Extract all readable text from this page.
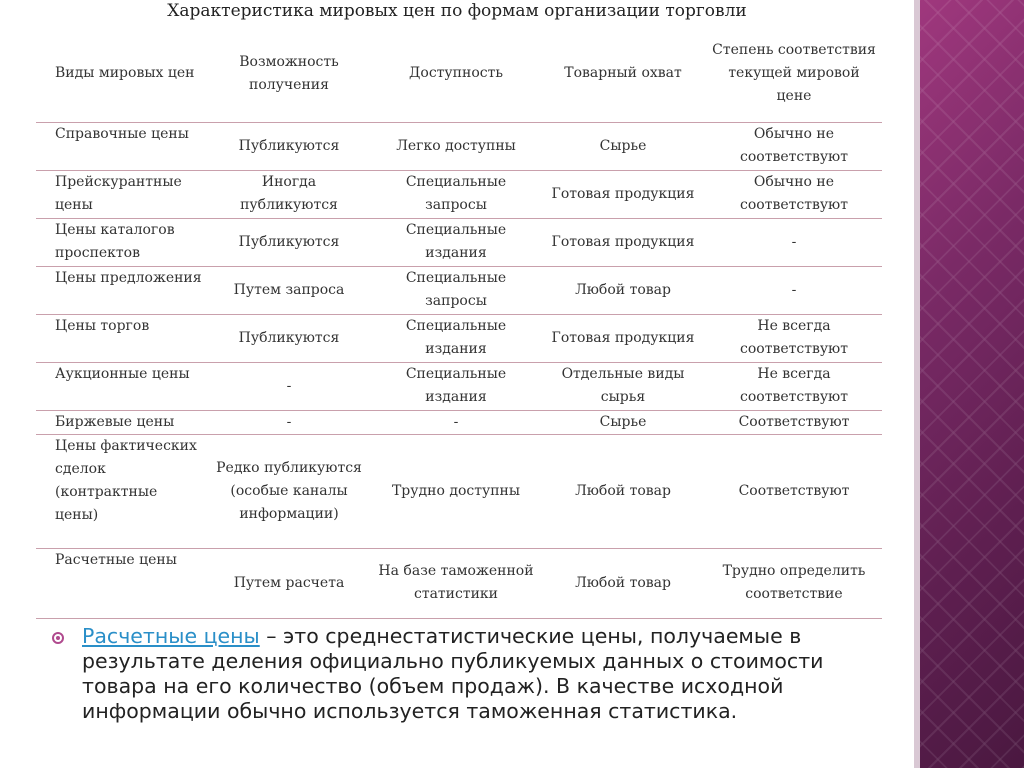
Характеристика мировых цен по формам организации торговли
Виды мировых цен	Возможность получения	Доступность	Товарный охват	Степень соответствия текущей мировой цене
Справочные цены	Публикуются	Легко доступны	Сырье	Обычно не соответствуют
Прейскурантные цены	Иногда публикуются	Специальные запросы	Готовая продукция	Обычно не соответствуют
Цены каталогов проспектов	Публикуются	Специальные издания	Готовая продукция	-
Цены предложения	Путем запроса	Специальные запросы	Любой товар	-
Цены торгов	Публикуются	Специальные издания	Готовая продукция	Не всегда соответствуют
Аукционные цены	-	Специальные издания	Отдельные виды сырья	Не всегда соответствуют
Биржевые цены	-	-	Сырье	Соответствуют
Цены фактических сделок (контрактные цены)	Редко публикуются (особые каналы информации)	Трудно доступны	Любой товар	Соответствуют
Расчетные цены	Путем расчета	На базе таможенной статистики	Любой товар	Трудно определить соответствие
Расчетные цены – это среднестатистические цены, получаемые в результате деления официально публикуемых данных о стоимости товара на его количество (объем продаж). В качестве исходной информации обычно используется таможенная статистика.
